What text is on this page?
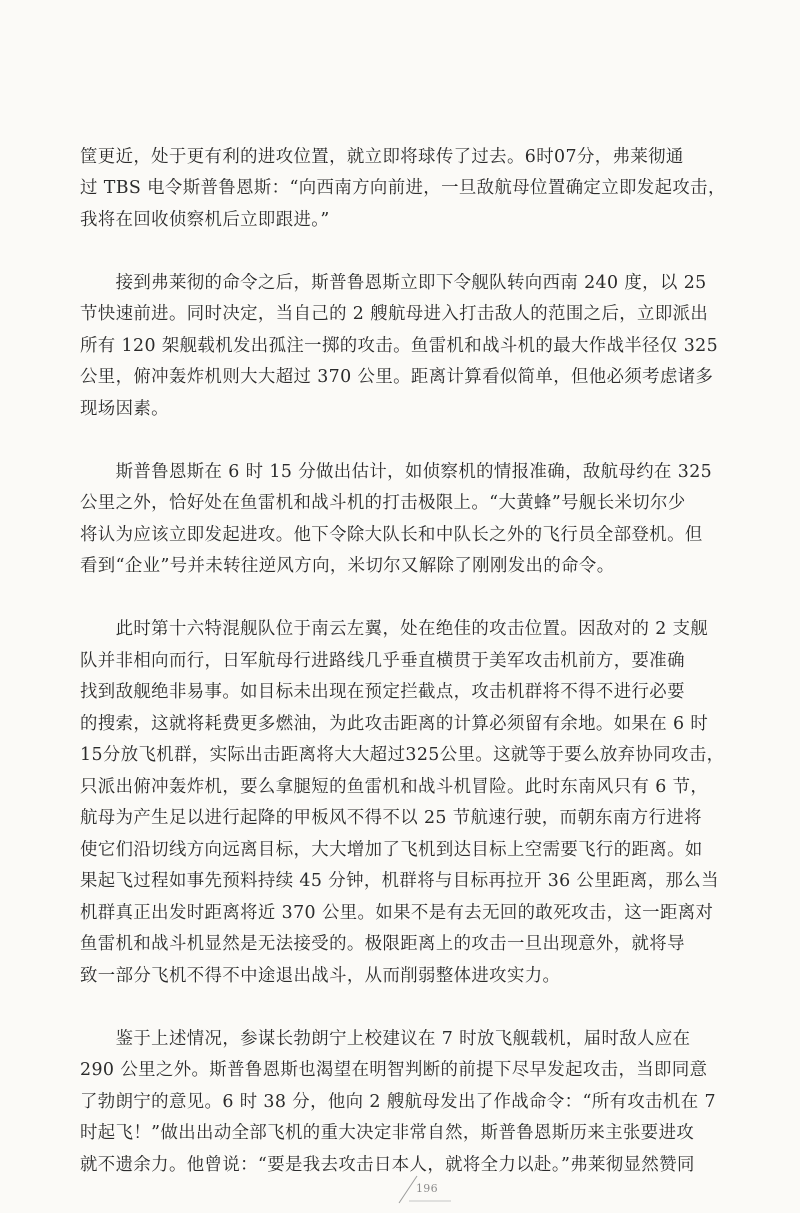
筐更近，处于更有利的进攻位置，就立即将球传了过去。6时07分，弗莱彻通
过 TBS 电令斯普鲁恩斯：“向西南方向前进，一旦敌航母位置确定立即发起攻击，
我将在回收侦察机后立即跟进。”

　　接到弗莱彻的命令之后，斯普鲁恩斯立即下令舰队转向西南 240 度，以 25
节快速前进。同时决定，当自己的 2 艘航母进入打击敌人的范围之后，立即派出
所有 120 架舰载机发出孤注一掷的攻击。鱼雷机和战斗机的最大作战半径仅 325
公里，俯冲轰炸机则大大超过 370 公里。距离计算看似简单，但他必须考虑诸多
现场因素。

　　斯普鲁恩斯在 6 时 15 分做出估计，如侦察机的情报准确，敌航母约在 325
公里之外，恰好处在鱼雷机和战斗机的打击极限上。“大黄蜂”号舰长米切尔少
将认为应该立即发起进攻。他下令除大队长和中队长之外的飞行员全部登机。但
看到“企业”号并未转往逆风方向，米切尔又解除了刚刚发出的命令。

　　此时第十六特混舰队位于南云左翼，处在绝佳的攻击位置。因敌对的 2 支舰
队并非相向而行，日军航母行进路线几乎垂直横贯于美军攻击机前方，要准确
找到敌舰绝非易事。如目标未出现在预定拦截点，攻击机群将不得不进行必要
的搜索，这就将耗费更多燃油，为此攻击距离的计算必须留有余地。如果在 6 时
15分放飞机群，实际出击距离将大大超过325公里。这就等于要么放弃协同攻击，
只派出俯冲轰炸机，要么拿腿短的鱼雷机和战斗机冒险。此时东南风只有 6 节，
航母为产生足以进行起降的甲板风不得不以 25 节航速行驶，而朝东南方行进将
使它们沿切线方向远离目标，大大增加了飞机到达目标上空需要飞行的距离。如
果起飞过程如事先预料持续 45 分钟，机群将与目标再拉开 36 公里距离，那么当
机群真正出发时距离将近 370 公里。如果不是有去无回的敢死攻击，这一距离对
鱼雷机和战斗机显然是无法接受的。极限距离上的攻击一旦出现意外，就将导
致一部分飞机不得不中途退出战斗，从而削弱整体进攻实力。

　　鉴于上述情况，参谋长勃朗宁上校建议在 7 时放飞舰载机，届时敌人应在
290 公里之外。斯普鲁恩斯也渴望在明智判断的前提下尽早发起攻击，当即同意
了勃朗宁的意见。6 时 38 分，他向 2 艘航母发出了作战命令：“所有攻击机在 7
时起飞！”做出出动全部飞机的重大决定非常自然，斯普鲁恩斯历来主张要进攻
就不遗余力。他曾说：“要是我去攻击日本人，就将全力以赴。”弗莱彻显然赞同

196
